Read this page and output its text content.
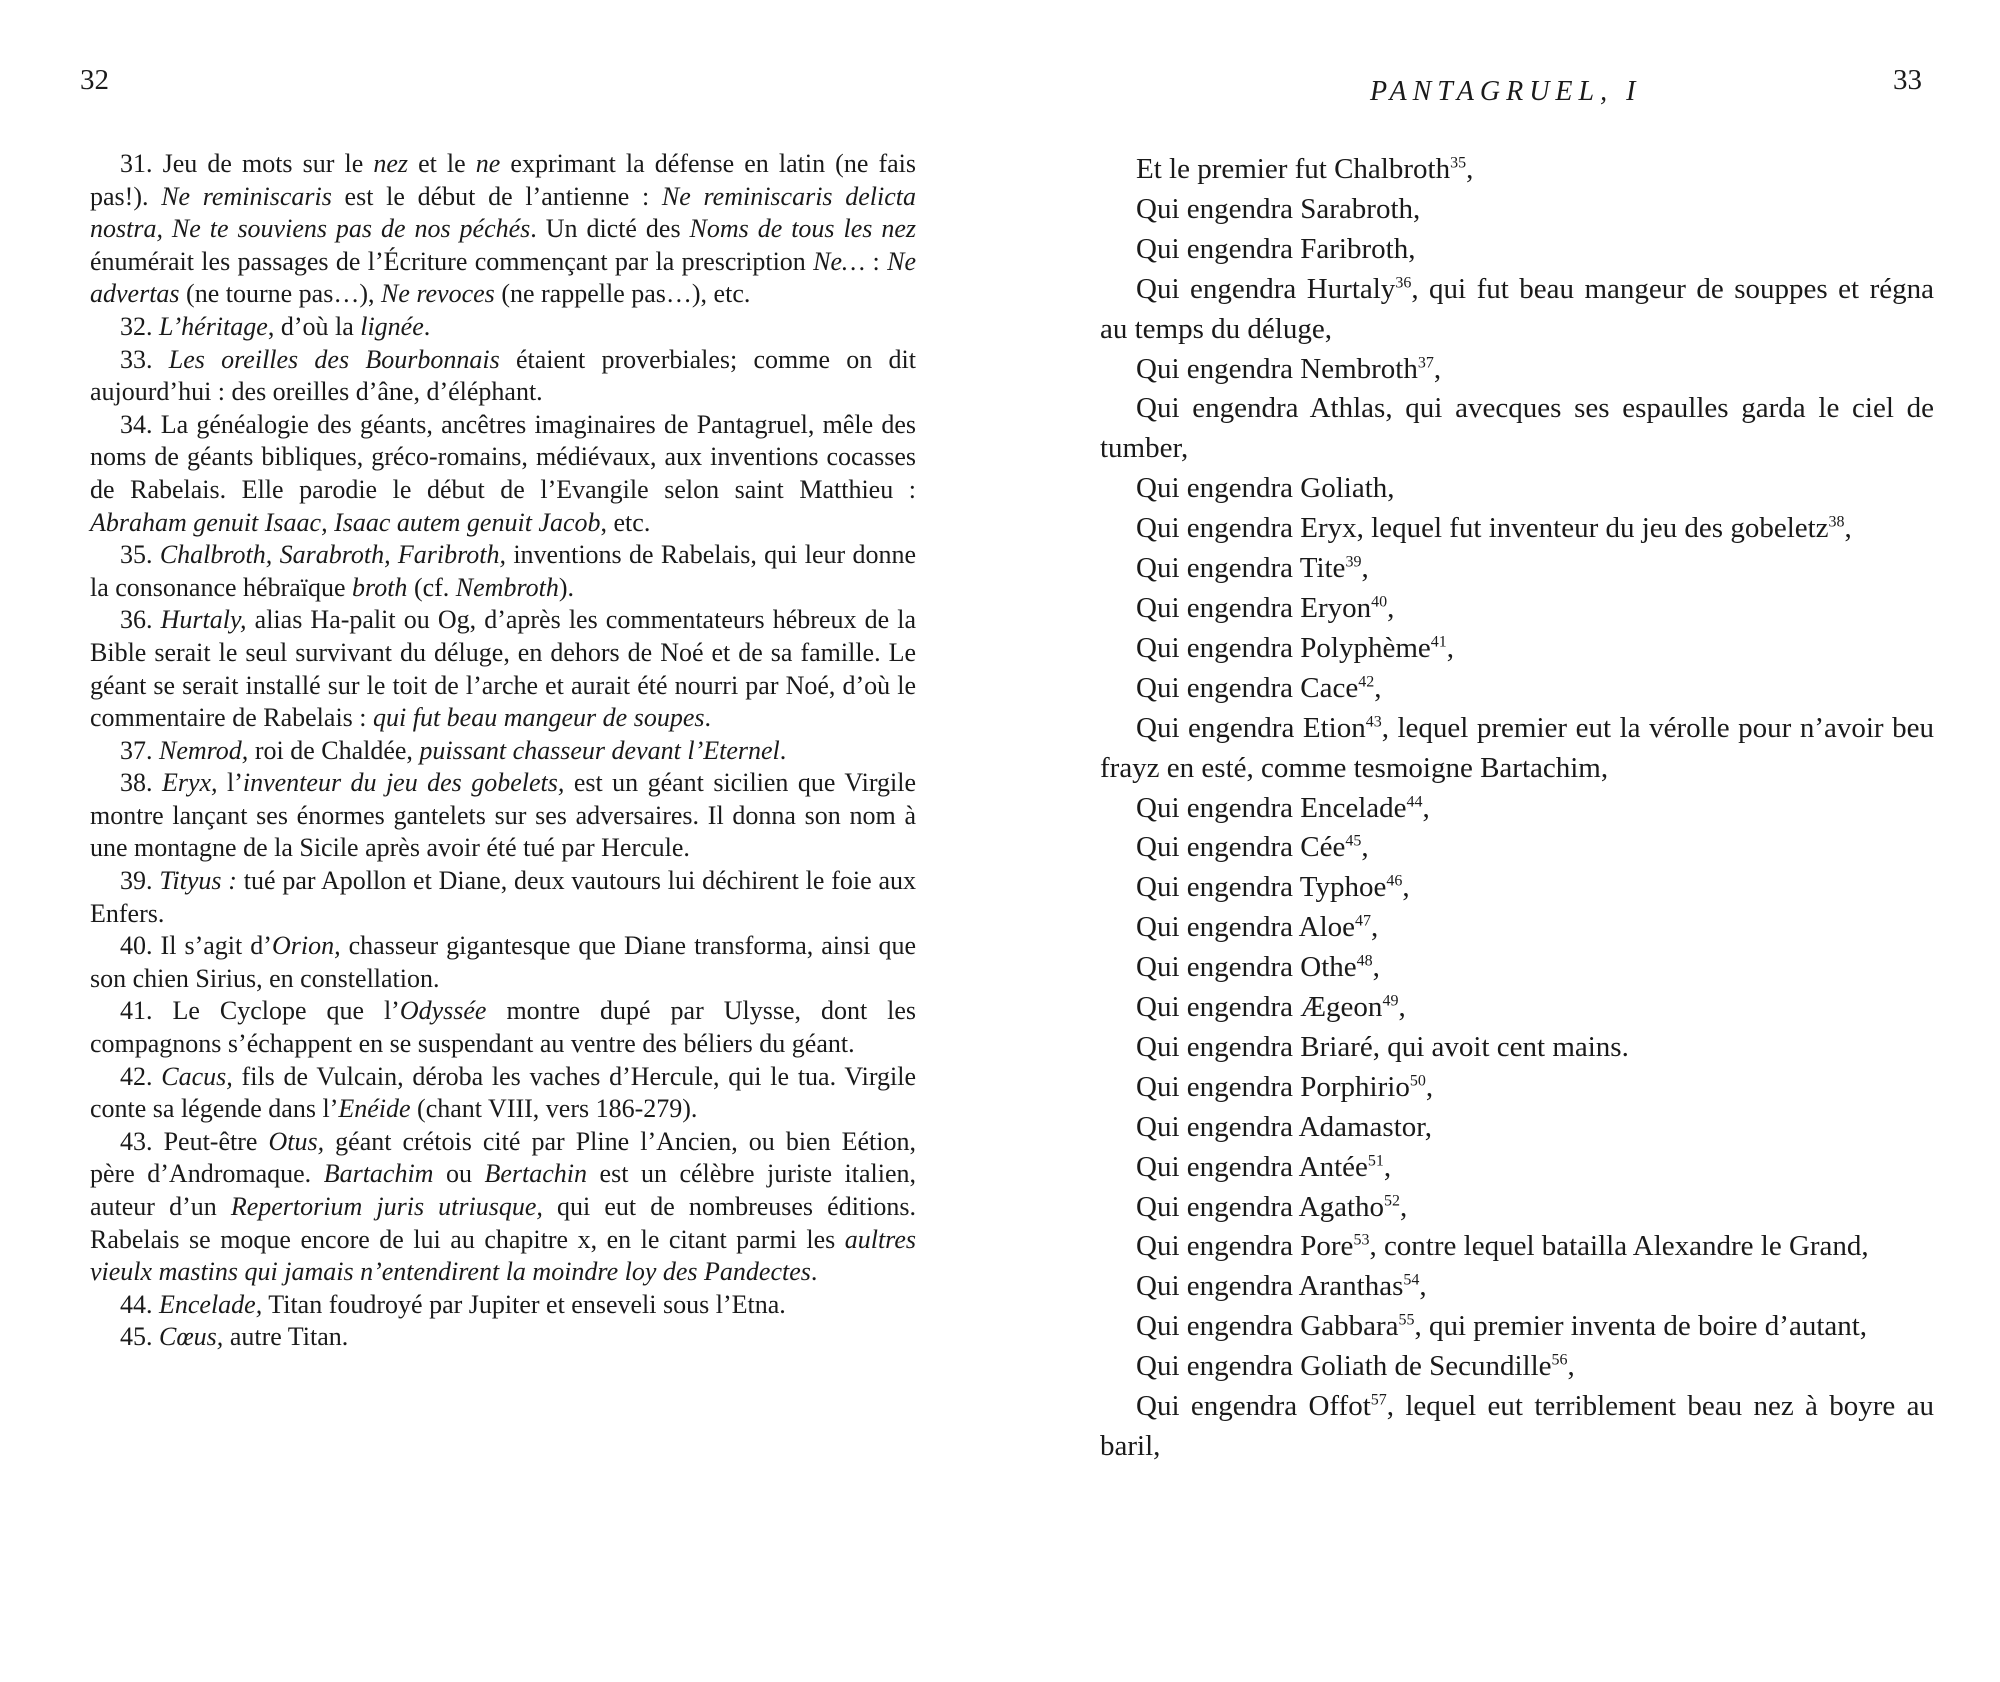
32

31. Jeu de mots sur le nez et le ne exprimant la défense en latin (ne fais pas!). Ne reminiscaris est le début de l’antienne : Ne reminiscaris delicta nostra, Ne te souviens pas de nos péchés. Un dicté des Noms de tous les nez énumérait les passages de l’Écriture commençant par la prescription Ne… : Ne advertas (ne tourne pas…), Ne revoces (ne rappelle pas…), etc.

32. L’héritage, d’où la lignée.

33. Les oreilles des Bourbonnais étaient proverbiales; comme on dit aujourd’hui : des oreilles d’âne, d’éléphant.

34. La généalogie des géants, ancêtres imaginaires de Pantagruel, mêle des noms de géants bibliques, gréco-romains, médiévaux, aux inventions cocasses de Rabelais. Elle parodie le début de l’Evangile selon saint Matthieu : Abraham genuit Isaac, Isaac autem genuit Jacob, etc.

35. Chalbroth, Sarabroth, Faribroth, inventions de Rabelais, qui leur donne la consonance hébraïque broth (cf. Nembroth).

36. Hurtaly, alias Ha-palit ou Og, d’après les commentateurs hébreux de la Bible serait le seul survivant du déluge, en dehors de Noé et de sa famille. Le géant se serait installé sur le toit de l’arche et aurait été nourri par Noé, d’où le commentaire de Rabelais : qui fut beau mangeur de soupes.

37. Nemrod, roi de Chaldée, puissant chasseur devant l’Eternel.

38. Eryx, l’inventeur du jeu des gobelets, est un géant sicilien que Virgile montre lançant ses énormes gantelets sur ses adversaires. Il donna son nom à une montagne de la Sicile après avoir été tué par Hercule.

39. Tityus : tué par Apollon et Diane, deux vautours lui déchirent le foie aux Enfers.

40. Il s’agit d’Orion, chasseur gigantesque que Diane transforma, ainsi que son chien Sirius, en constellation.

41. Le Cyclope que l’Odyssée montre dupé par Ulysse, dont les compagnons s’échappent en se suspendant au ventre des béliers du géant.

42. Cacus, fils de Vulcain, déroba les vaches d’Hercule, qui le tua. Virgile conte sa légende dans l’Enéide (chant VIII, vers 186-279).

43. Peut-être Otus, géant crétois cité par Pline l’Ancien, ou bien Eétion, père d’Andromaque. Bartachim ou Bertachin est un célèbre juriste italien, auteur d’un Repertorium juris utriusque, qui eut de nombreuses éditions. Rabelais se moque encore de lui au chapitre x, en le citant parmi les aultres vieulx mastins qui jamais n’entendirent la moindre loy des Pandectes.

44. Encelade, Titan foudroyé par Jupiter et enseveli sous l’Etna.

45. Cœus, autre Titan.

PANTAGRUEL, I	33

Et le premier fut Chalbroth$^{35}$,

Qui engendra Sarabroth,

Qui engendra Faribroth,

Qui engendra Hurtaly$^{36}$, qui fut beau mangeur de souppes et régna au temps du déluge,

Qui engendra Nembroth$^{37}$,

Qui engendra Athlas, qui avecques ses espaulles garda le ciel de tumber,

Qui engendra Goliath,

Qui engendra Eryx, lequel fut inventeur du jeu des gobeletz$^{38}$,

Qui engendra Tite$^{39}$,

Qui engendra Eryon$^{40}$,

Qui engendra Polyphème$^{41}$,

Qui engendra Cace$^{42}$,

Qui engendra Etion$^{43}$, lequel premier eut la vérolle pour n’avoir beu frayz en esté, comme tesmoigne Bartachim,

Qui engendra Encelade$^{44}$,

Qui engendra Cée$^{45}$,

Qui engendra Typhoe$^{46}$,

Qui engendra Aloe$^{47}$,

Qui engendra Othe$^{48}$,

Qui engendra Ægeon$^{49}$,

Qui engendra Briaré, qui avoit cent mains.

Qui engendra Porphirio$^{50}$,

Qui engendra Adamastor,

Qui engendra Antée$^{51}$,

Qui engendra Agatho$^{52}$,

Qui engendra Pore$^{53}$, contre lequel batailla Alexandre le Grand,

Qui engendra Aranthas$^{54}$,

Qui engendra Gabbara$^{55}$, qui premier inventa de boire d’autant,

Qui engendra Goliath de Secundille$^{56}$,

Qui engendra Offot$^{57}$, lequel eut terriblement beau nez à boyre au baril,
